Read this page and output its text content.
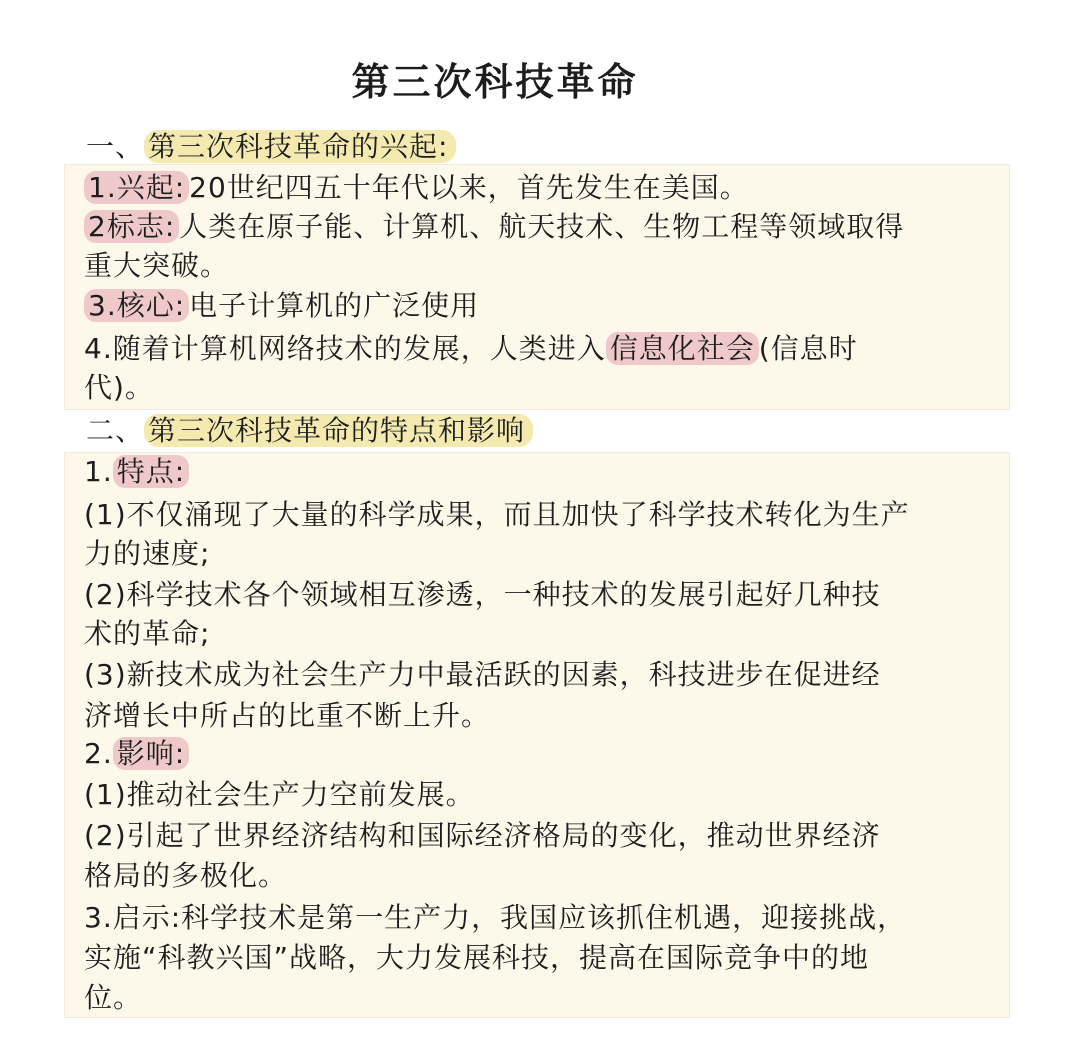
第三次科技革命
一、 第三次科技革命的兴起:
1.兴起: 20世纪四五十年代以来，首先发生在美国。
2标志: 人类在原子能、计算机、航天技术、生物工程等领域取得
重大突破。
3.核心: 电子计算机的广泛使用
4.随着计算机网络技术的发展，人类进入 信息化社会 (信息时
代)。
二、 第三次科技革命的特点和影响
1. 特点:
(1)不仅涌现了大量的科学成果，而且加快了科学技术转化为生产
力的速度;
(2)科学技术各个领域相互渗透，一种技术的发展引起好几种技
术的革命;
(3)新技术成为社会生产力中最活跃的因素，科技进步在促进经
济增长中所占的比重不断上升。
2. 影响:
(1)推动社会生产力空前发展。
(2)引起了世界经济结构和国际经济格局的变化，推动世界经济
格局的多极化。
3.启示:科学技术是第一生产力，我国应该抓住机遇，迎接挑战，
实施“科教兴国”战略，大力发展科技，提高在国际竞争中的地
位。
